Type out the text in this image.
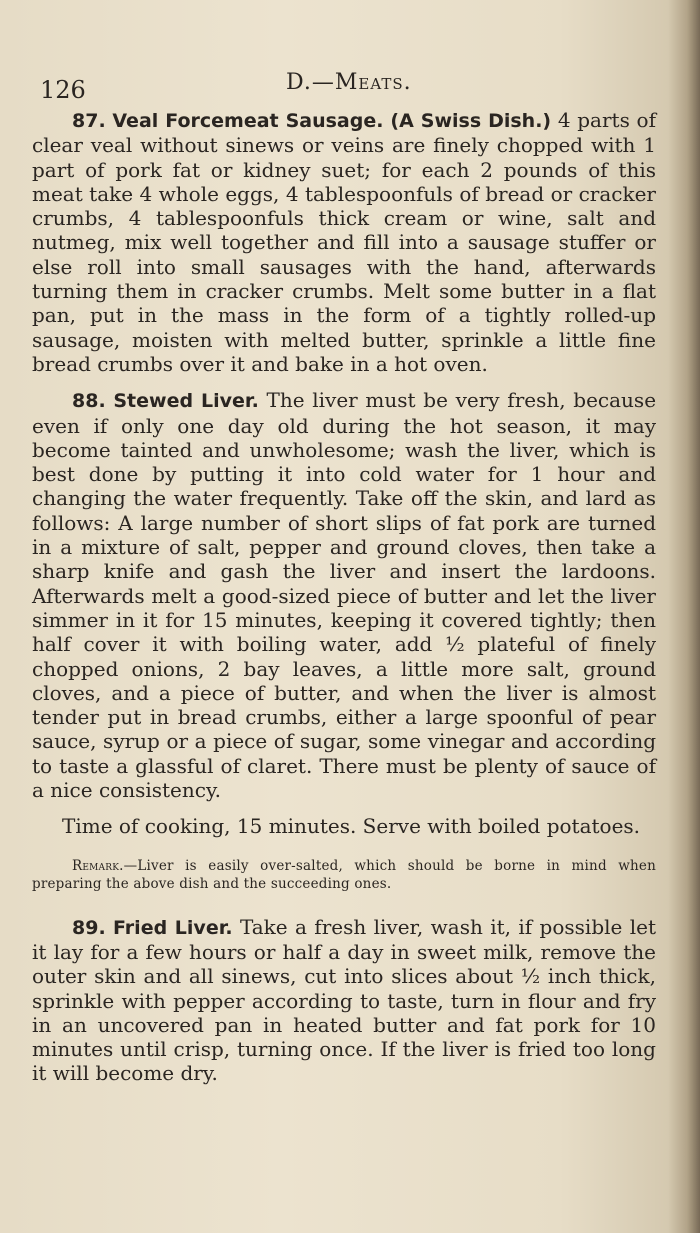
126	D.—Meats.

87. Veal Forcemeat Sausage. (A Swiss Dish.) 4 parts of clear veal without sinews or veins are finely chopped with 1 part of pork fat or kidney suet; for each 2 pounds of this meat take 4 whole eggs, 4 tablespoonfuls of bread or cracker crumbs, 4 tablespoonfuls thick cream or wine, salt and nutmeg, mix well together and fill into a sausage stuffer or else roll into small sausages with the hand, afterwards turning them in cracker crumbs. Melt some butter in a flat pan, put in the mass in the form of a tightly rolled-up sausage, moisten with melted butter, sprinkle a little fine bread crumbs over it and bake in a hot oven.

88. Stewed Liver. The liver must be very fresh, because even if only one day old during the hot season, it may become tainted and unwholesome; wash the liver, which is best done by putting it into cold water for 1 hour and changing the water frequently. Take off the skin, and lard as follows: A large number of short slips of fat pork are turned in a mixture of salt, pepper and ground cloves, then take a sharp knife and gash the liver and insert the lardoons. Afterwards melt a good-sized piece of butter and let the liver simmer in it for 15 minutes, keeping it covered tightly; then half cover it with boiling water, add ½ plateful of finely chopped onions, 2 bay leaves, a little more salt, ground cloves, and a piece of butter, and when the liver is almost tender put in bread crumbs, either a large spoonful of pear sauce, syrup or a piece of sugar, some vinegar and according to taste a glassful of claret. There must be plenty of sauce of a nice consistency.

Time of cooking, 15 minutes. Serve with boiled potatoes.

Remark.—Liver is easily over-salted, which should be borne in mind when preparing the above dish and the succeeding ones.

89. Fried Liver. Take a fresh liver, wash it, if possible let it lay for a few hours or half a day in sweet milk, remove the outer skin and all sinews, cut into slices about ½ inch thick, sprinkle with pepper according to taste, turn in flour and fry in an uncovered pan in heated butter and fat pork for 10 minutes until crisp, turning once. If the liver is fried too long it will become dry.
